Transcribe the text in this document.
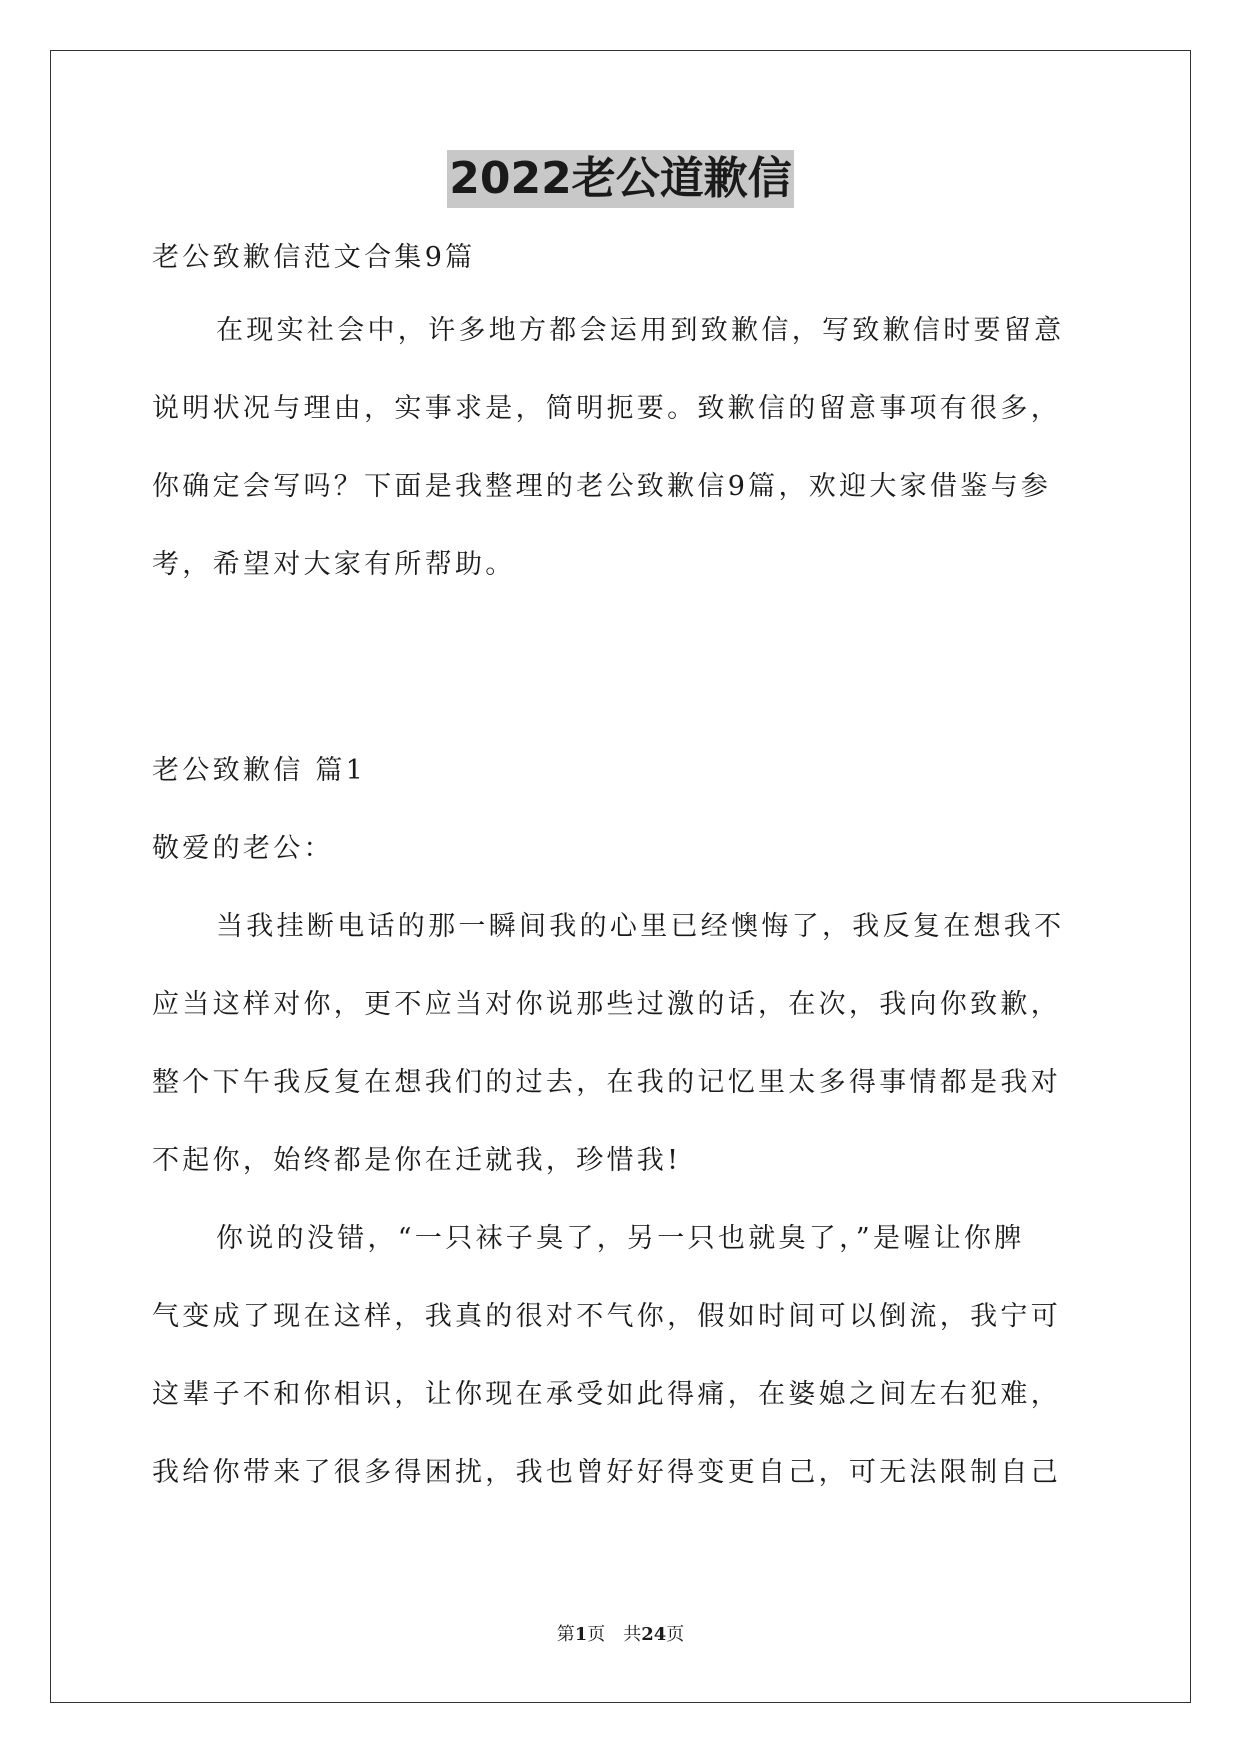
2022老公道歉信

老公致歉信范文合集9篇

在现实社会中，许多地方都会运用到致歉信，写致歉信时要留意
说明状况与理由，实事求是，简明扼要。致歉信的留意事项有很多，
你确定会写吗？下面是我整理的老公致歉信9篇，欢迎大家借鉴与参
考，希望对大家有所帮助。

老公致歉信 篇1

敬爱的老公：

当我挂断电话的那一瞬间我的心里已经懊悔了，我反复在想我不
应当这样对你，更不应当对你说那些过激的话，在次，我向你致歉，
整个下午我反复在想我们的过去，在我的记忆里太多得事情都是我对
不起你，始终都是你在迁就我，珍惜我!
你说的没错，“一只袜子臭了，另一只也就臭了，”是喔让你脾
气变成了现在这样，我真的很对不气你，假如时间可以倒流，我宁可
这辈子不和你相识，让你现在承受如此得痛，在婆媳之间左右犯难，
我给你带来了很多得困扰，我也曾好好得变更自己，可无法限制自己
第1页 共24页
